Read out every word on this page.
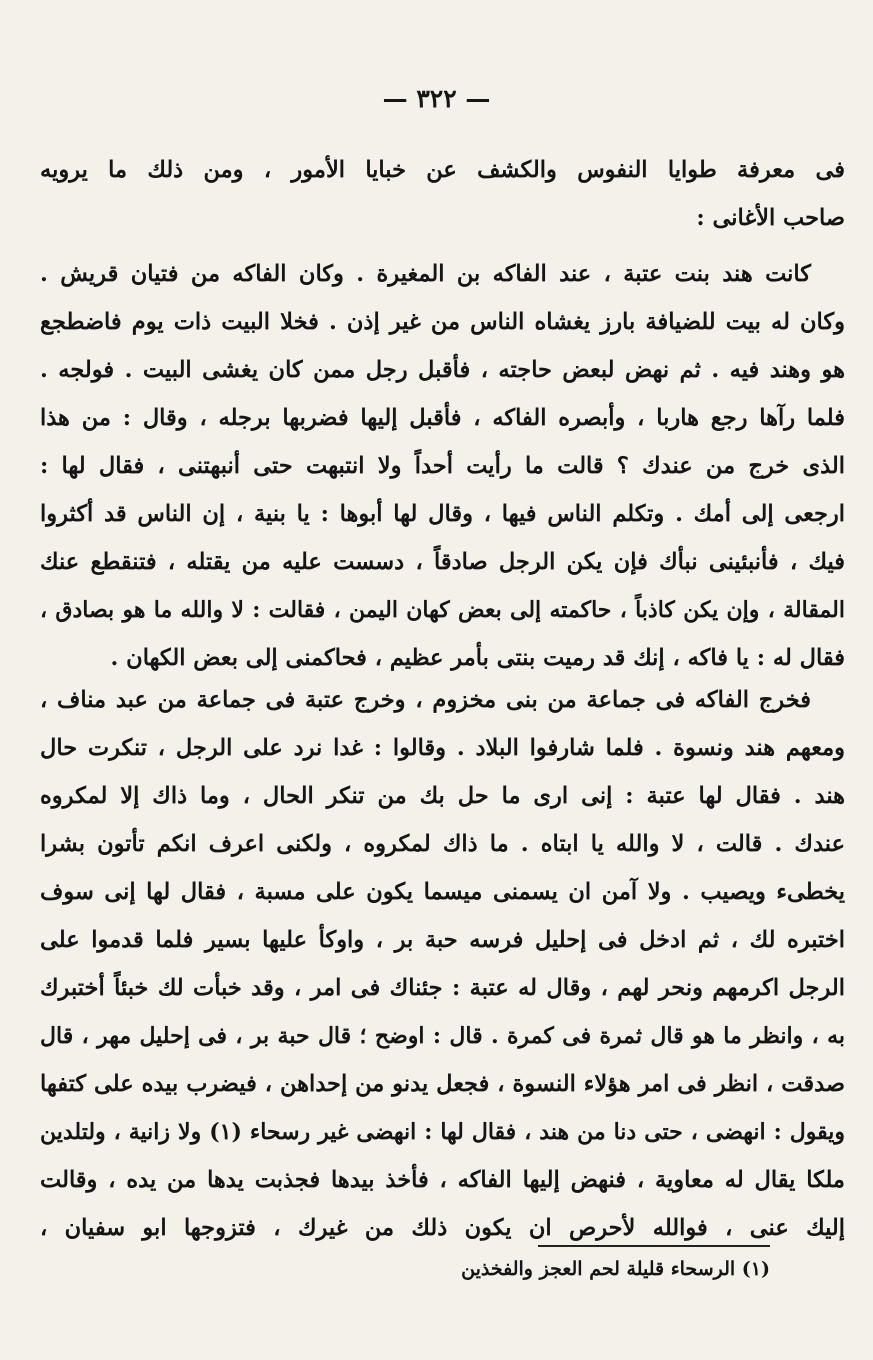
— ٣٢٢ —
فى معرفة طوايا النفوس والكشف عن خبايا الأمور ، ومن ذلك ما يرويه
صاحب الأغانى :
كانت هند بنت عتبة ، عند الفاكه بن المغيرة . وكان الفاكه من فتيان قريش .
وكان له بيت للضيافة بارز يغشاه الناس من غير إذن . فخلا البيت ذات يوم فاضطجع
هو وهند فيه . ثم نهض لبعض حاجته ، فأقبل رجل ممن كان يغشى البيت . فولجه .
فلما رآها رجع هاربا ، وأبصره الفاكه ، فأقبل إليها فضربها برجله ، وقال : من هذا
الذى خرج من عندك ؟ قالت ما رأيت أحداً ولا انتبهت حتى أنبهتنى ، فقال لها :
ارجعى إلى أمك . وتكلم الناس فيها ، وقال لها أبوها : يا بنية ، إن الناس قد أكثروا
فيك ، فأنبئينى نبأك فإن يكن الرجل صادقاً ، دسست عليه من يقتله ، فتنقطع عنك
المقالة ، وإن يكن كاذباً ، حاكمته إلى بعض كهان اليمن ، فقالت : لا والله ما هو بصادق ،
فقال له : يا فاكه ، إنك قد رميت بنتى بأمر عظيم ، فحاكمنى إلى بعض الكهان .
فخرج الفاكه فى جماعة من بنى مخزوم ، وخرج عتبة فى جماعة من عبد مناف ،
ومعهم هند ونسوة . فلما شارفوا البلاد . وقالوا : غدا نرد على الرجل ، تنكرت حال
هند . فقال لها عتبة : إنى ارى ما حل بك من تنكر الحال ، وما ذاك إلا لمكروه
عندك . قالت ، لا والله يا ابتاه . ما ذاك لمكروه ، ولكنى اعرف انكم تأتون بشرا
يخطىء ويصيب . ولا آمن ان يسمنى ميسما يكون على مسبة ، فقال لها إنى سوف
اختبره لك ، ثم ادخل فى إحليل فرسه حبة بر ، واوكأ عليها بسير فلما قدموا على
الرجل اكرمهم ونحر لهم ، وقال له عتبة : جئناك فى امر ، وقد خبأت لك خبئاً أختبرك
به ، وانظر ما هو قال ثمرة فى كمرة . قال : اوضح ؛ قال حبة بر ، فى إحليل مهر ، قال
صدقت ، انظر فى امر هؤلاء النسوة ، فجعل يدنو من إحداهن ، فيضرب بيده على كتفها
ويقول : انهضى ، حتى دنا من هند ، فقال لها : انهضى غير رسحاء (١) ولا زانية ، ولتلدين
ملكا يقال له معاوية ، فنهض إليها الفاكه ، فأخذ بيدها فجذبت يدها من يده ، وقالت
إليك عنى ، فوالله لأحرص ان يكون ذلك من غيرك ، فتزوجها ابو سفيان ،
(١) الرسحاء قليلة لحم العجز والفخذين
